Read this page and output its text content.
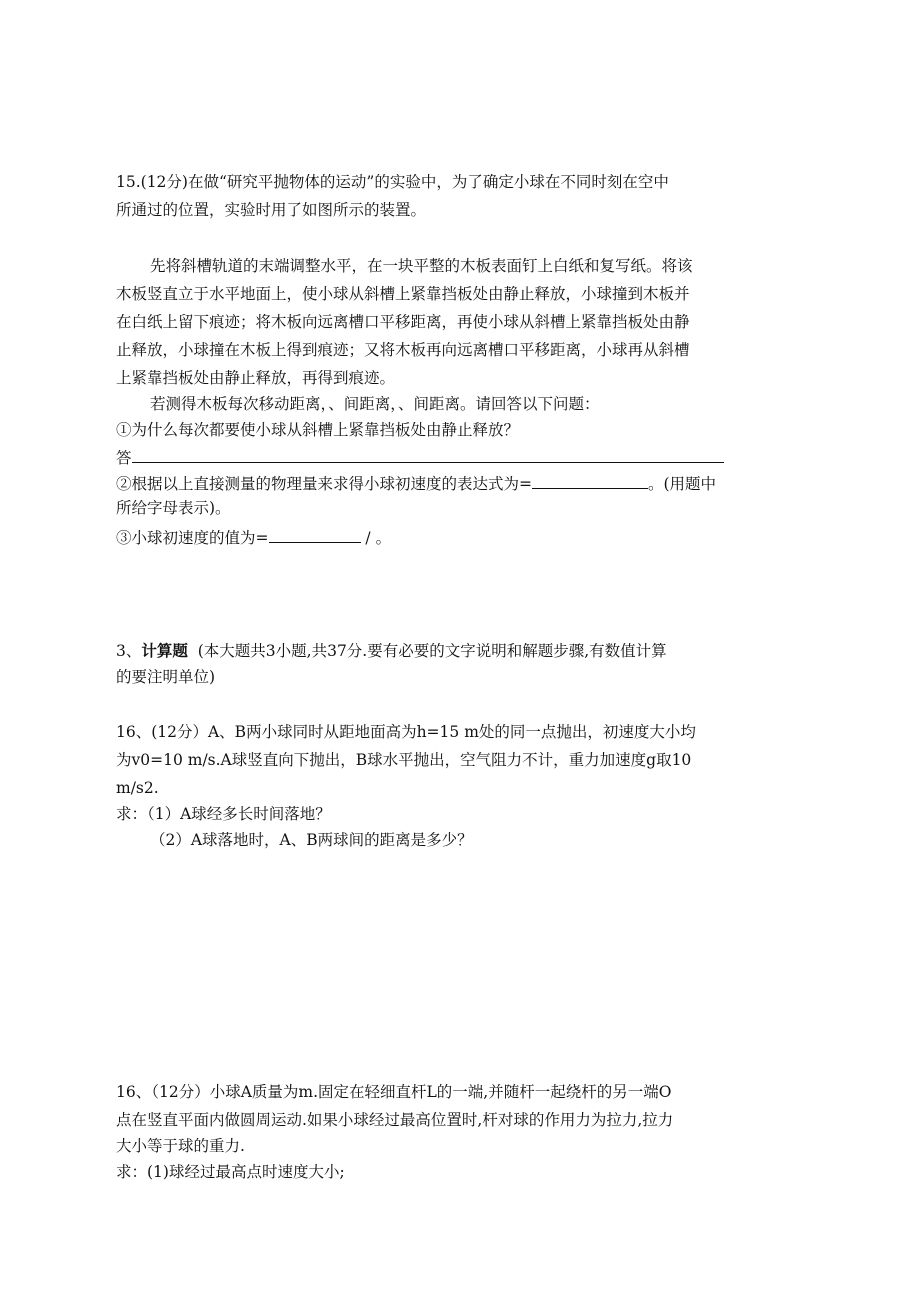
15.(12分)在做“研究平抛物体的运动”的实验中，为了确定小球在不同时刻在空中

所通过的位置，实验时用了如图所示的装置。

先将斜槽轨道的末端调整水平，在一块平整的木板表面钉上白纸和复写纸。将该

木板竖直立于水平地面上，使小球从斜槽上紧靠挡板处由静止释放，小球撞到木板并

在白纸上留下痕迹；将木板向远离槽口平移距离，再使小球从斜槽上紧靠挡板处由静

止释放，小球撞在木板上得到痕迹；又将木板再向远离槽口平移距离，小球再从斜槽

上紧靠挡板处由静止释放，再得到痕迹。

若测得木板每次移动距离，、间距离，、间距离。请回答以下问题：

➀为什么每次都要使小球从斜槽上紧靠挡板处由静止释放？

答

②根据以上直接测量的物理量来求得小球初速度的表达式为=	。(用题中

所给字母表示)。

➂小球初速度的值为=	/ 。

3、计算题  (本大题共3小题,共37分.要有必要的文字说明和解题步骤,有数值计算

的要注明单位)

16、(12分）A、B两小球同时从距地面高为h=15 m处的同一点抛出，初速度大小均

为v0=10 m/s.A球竖直向下抛出，B球水平抛出，空气阻力不计，重力加速度g取10

m/s2.

求：（1）A球经多长时间落地？

（2）A球落地时，A、B两球间的距离是多少？

16、（12分）小球A质量为m.固定在轻细直杆L的一端,并随杆一起绕杆的另一端O

点在竖直平面内做圆周运动.如果小球经过最高位置时,杆对球的作用力为拉力,拉力

大小等于球的重力.

求：(1)球经过最高点时速度大小;
